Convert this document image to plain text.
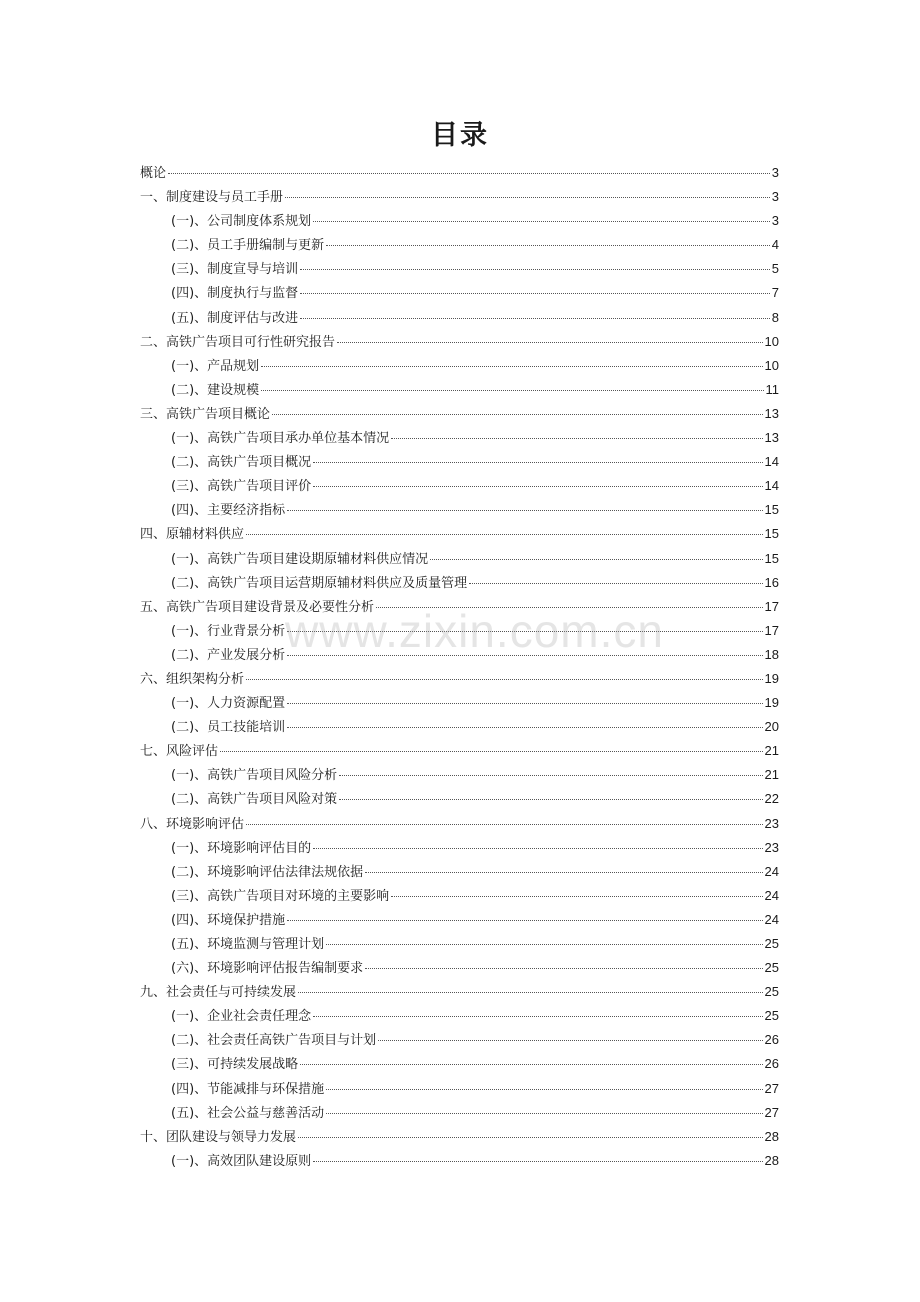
目录
概论	3
一、制度建设与员工手册	3
(一)、公司制度体系规划	3
(二)、员工手册编制与更新	4
(三)、制度宣导与培训	5
(四)、制度执行与监督	7
(五)、制度评估与改进	8
二、高铁广告项目可行性研究报告	10
(一)、产品规划	10
(二)、建设规模	11
三、高铁广告项目概论	13
(一)、高铁广告项目承办单位基本情况	13
(二)、高铁广告项目概况	14
(三)、高铁广告项目评价	14
(四)、主要经济指标	15
四、原辅材料供应	15
(一)、高铁广告项目建设期原辅材料供应情况	15
(二)、高铁广告项目运营期原辅材料供应及质量管理	16
五、高铁广告项目建设背景及必要性分析	17
(一)、行业背景分析	17
(二)、产业发展分析	18
六、组织架构分析	19
(一)、人力资源配置	19
(二)、员工技能培训	20
七、风险评估	21
(一)、高铁广告项目风险分析	21
(二)、高铁广告项目风险对策	22
八、环境影响评估	23
(一)、环境影响评估目的	23
(二)、环境影响评估法律法规依据	24
(三)、高铁广告项目对环境的主要影响	24
(四)、环境保护措施	24
(五)、环境监测与管理计划	25
(六)、环境影响评估报告编制要求	25
九、社会责任与可持续发展	25
(一)、企业社会责任理念	25
(二)、社会责任高铁广告项目与计划	26
(三)、可持续发展战略	26
(四)、节能减排与环保措施	27
(五)、社会公益与慈善活动	27
十、团队建设与领导力发展	28
(一)、高效团队建设原则	28
www.zixin.com.cn
